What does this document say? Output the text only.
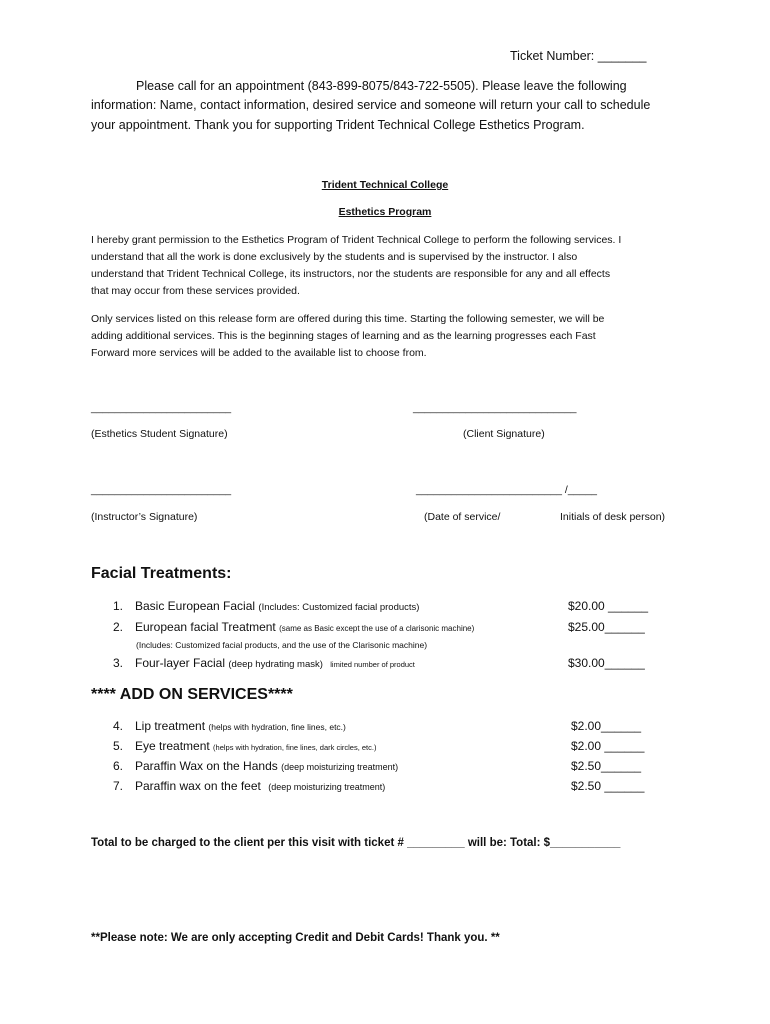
Ticket Number: _______
Please call for an appointment (843-899-8075/843-722-5505). Please leave the following
information: Name, contact information, desired service and someone will return your call to schedule
your appointment. Thank you for supporting Trident Technical College Esthetics Program.
Trident Technical College
Esthetics Program
I hereby grant permission to the Esthetics Program of Trident Technical College to perform the following services. I
understand that all the work is done exclusively by the students and is supervised by the instructor. I also
understand that Trident Technical College, its instructors, nor the students are responsible for any and all effects
that may occur from these services provided.
Only services listed on this release form are offered during this time. Starting the following semester, we will be
adding additional services. This is the beginning stages of learning and as the learning progresses each Fast
Forward more services will be added to the available list to choose from.
________________________	____________________________
(Esthetics Student Signature)	(Client Signature)
________________________	_________________________ /_____
(Instructor’s Signature)	(Date of service/	Initials of desk person)
Facial Treatments:
1. Basic European Facial (Includes: Customized facial products)	$20.00 ______
2. European facial Treatment (same as Basic except the use of a clarisonic machine)	$25.00______
(Includes: Customized facial products, and the use of the Clarisonic machine)
3. Four-layer Facial (deep hydrating mask) limited number of product	$30.00______
**** ADD ON SERVICES****
4. Lip treatment (helps with hydration, fine lines, etc.)	$2.00______
5. Eye treatment (helps with hydration, fine lines, dark circles, etc.)	$2.00 ______
6. Paraffin Wax on the Hands (deep moisturizing treatment)	$2.50______
7. Paraffin wax on the feet (deep moisturizing treatment)	$2.50 ______
Total to be charged to the client per this visit with ticket # _________ will be: Total: $___________
**Please note: We are only accepting Credit and Debit Cards! Thank you. **
